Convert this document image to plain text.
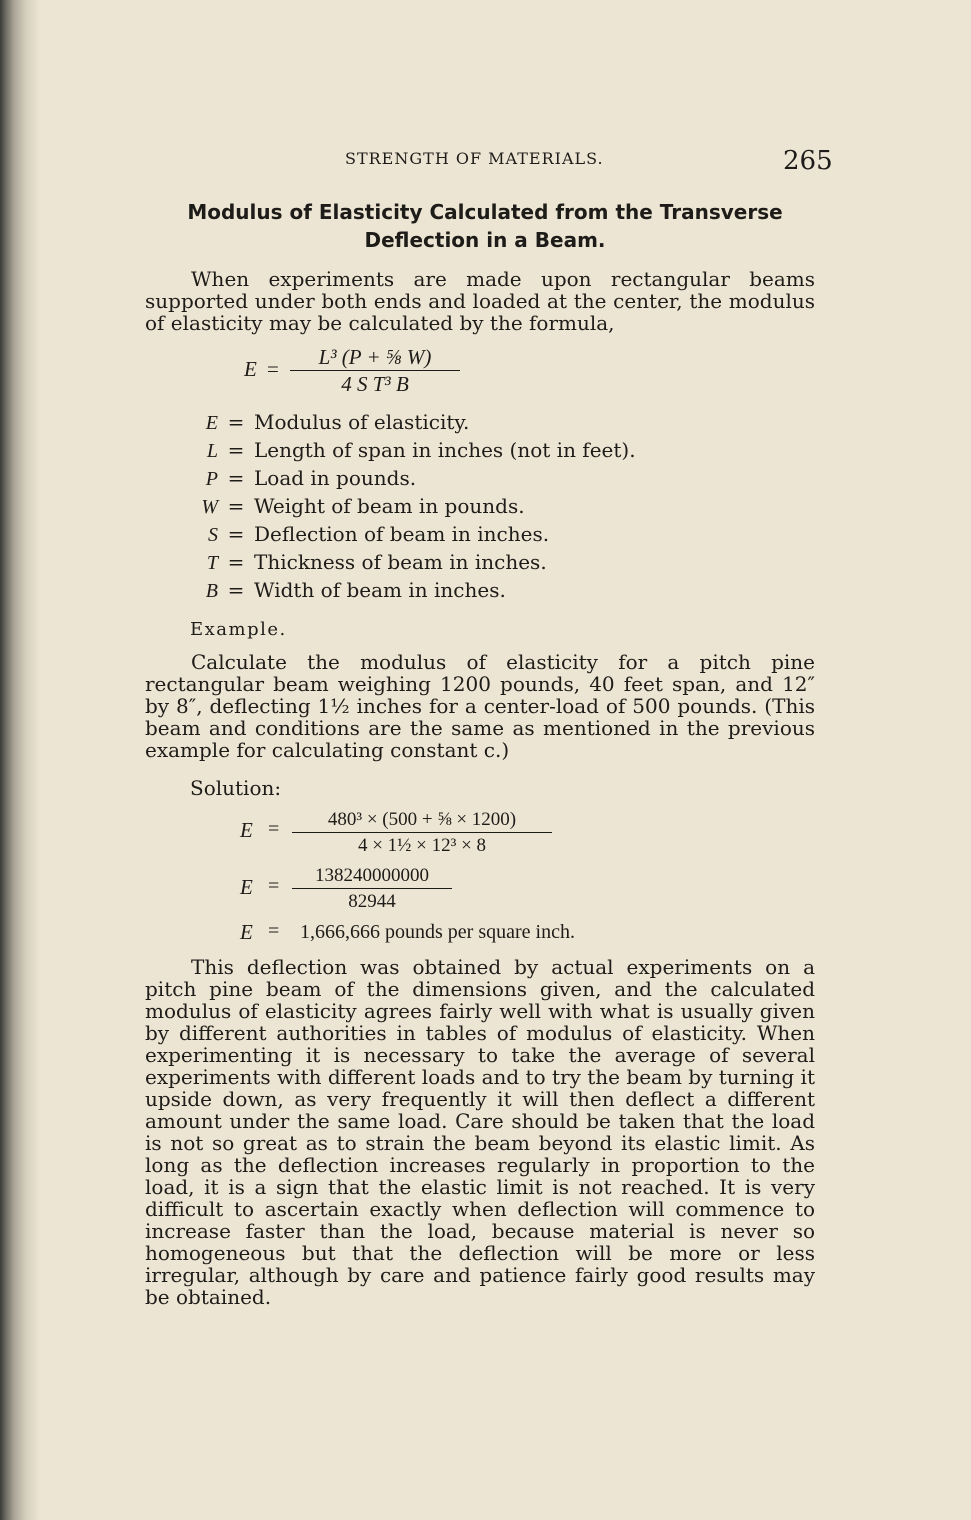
STRENGTH OF MATERIALS.	265
Modulus of Elasticity Calculated from the Transverse
Deflection in a Beam.
When experiments are made upon rectangular beams supported under both ends and loaded at the center, the modulus of elasticity may be calculated by the formula,
$E = \frac{\text{L³ (P + ⅝ W)}}{\text{4 S T³ B}}$
E = Modulus of elasticity.
L = Length of span in inches (not in feet).
P = Load in pounds.
W = Weight of beam in pounds.
S = Deflection of beam in inches.
T = Thickness of beam in inches.
B = Width of beam in inches.
Example.
Calculate the modulus of elasticity for a pitch pine rectangular beam weighing 1200 pounds, 40 feet span, and 12″ by 8″, deflecting 1½ inches for a center-load of 500 pounds. (This beam and conditions are the same as mentioned in the previous example for calculating constant c.)
Solution:
$E = \frac{\text{480³ × (500 + ⅝ × 1200)}}{\text{4 × 1½ × 12³ × 8}}$
$E = \frac{138240000000}{82944}$
E = 1,666,666 pounds per square inch.
This deflection was obtained by actual experiments on a pitch pine beam of the dimensions given, and the calculated modulus of elasticity agrees fairly well with what is usually given by different authorities in tables of modulus of elasticity. When experimenting it is necessary to take the average of several experiments with different loads and to try the beam by turning it upside down, as very frequently it will then deflect a different amount under the same load. Care should be taken that the load is not so great as to strain the beam beyond its elastic limit. As long as the deflection increases regularly in proportion to the load, it is a sign that the elastic limit is not reached. It is very difficult to ascertain exactly when deflection will commence to increase faster than the load, because material is never so homogeneous but that the deflection will be more or less irregular, although by care and patience fairly good results may be obtained.
